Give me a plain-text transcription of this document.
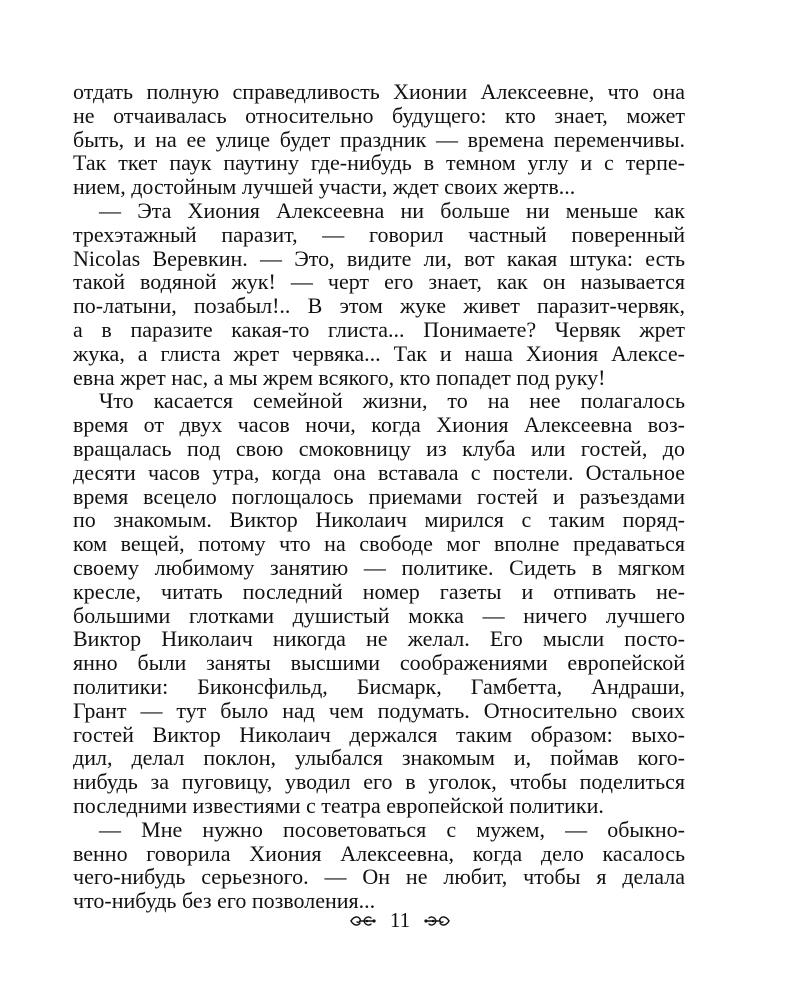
отдать полную справедливость Хионии Алексеевне, что она
не отчаивалась относительно будущего: кто знает, может
быть, и на ее улице будет праздник — времена переменчивы.
Так ткет паук паутину где-нибудь в темном углу и с терпе-
нием, достойным лучшей участи, ждет своих жертв...
— Эта Хиония Алексеевна ни больше ни меньше как
трехэтажный паразит, — говорил частный поверенный
Nicolas Веревкин. — Это, видите ли, вот какая штука: есть
такой водяной жук! — черт его знает, как он называется
по-латыни, позабыл!.. В этом жуке живет паразит-червяк,
а в паразите какая-то глиста... Понимаете? Червяк жрет
жука, а глиста жрет червяка... Так и наша Хиония Алексе-
евна жрет нас, а мы жрем всякого, кто попадет под руку!
Что касается семейной жизни, то на нее полагалось
время от двух часов ночи, когда Хиония Алексеевна воз-
вращалась под свою смоковницу из клуба или гостей, до
десяти часов утра, когда она вставала с постели. Остальное
время всецело поглощалось приемами гостей и разъездами
по знакомым. Виктор Николаич мирился с таким поряд-
ком вещей, потому что на свободе мог вполне предаваться
своему любимому занятию — политике. Сидеть в мягком
кресле, читать последний номер газеты и отпивать не-
большими глотками душистый мокка — ничего лучшего
Виктор Николаич никогда не желал. Его мысли посто-
янно были заняты высшими соображениями европейской
политики: Биконсфильд, Бисмарк, Гамбетта, Андраши,
Грант — тут было над чем подумать. Относительно своих
гостей Виктор Николаич держался таким образом: выхо-
дил, делал поклон, улыбался знакомым и, поймав кого-
нибудь за пуговицу, уводил его в уголок, чтобы поделиться
последними известиями с театра европейской политики.
— Мне нужно посоветоваться с мужем, — обыкно-
венно говорила Хиония Алексеевна, когда дело касалось
чего-нибудь серьезного. — Он не любит, чтобы я делала
что-нибудь без его позволения...
11
